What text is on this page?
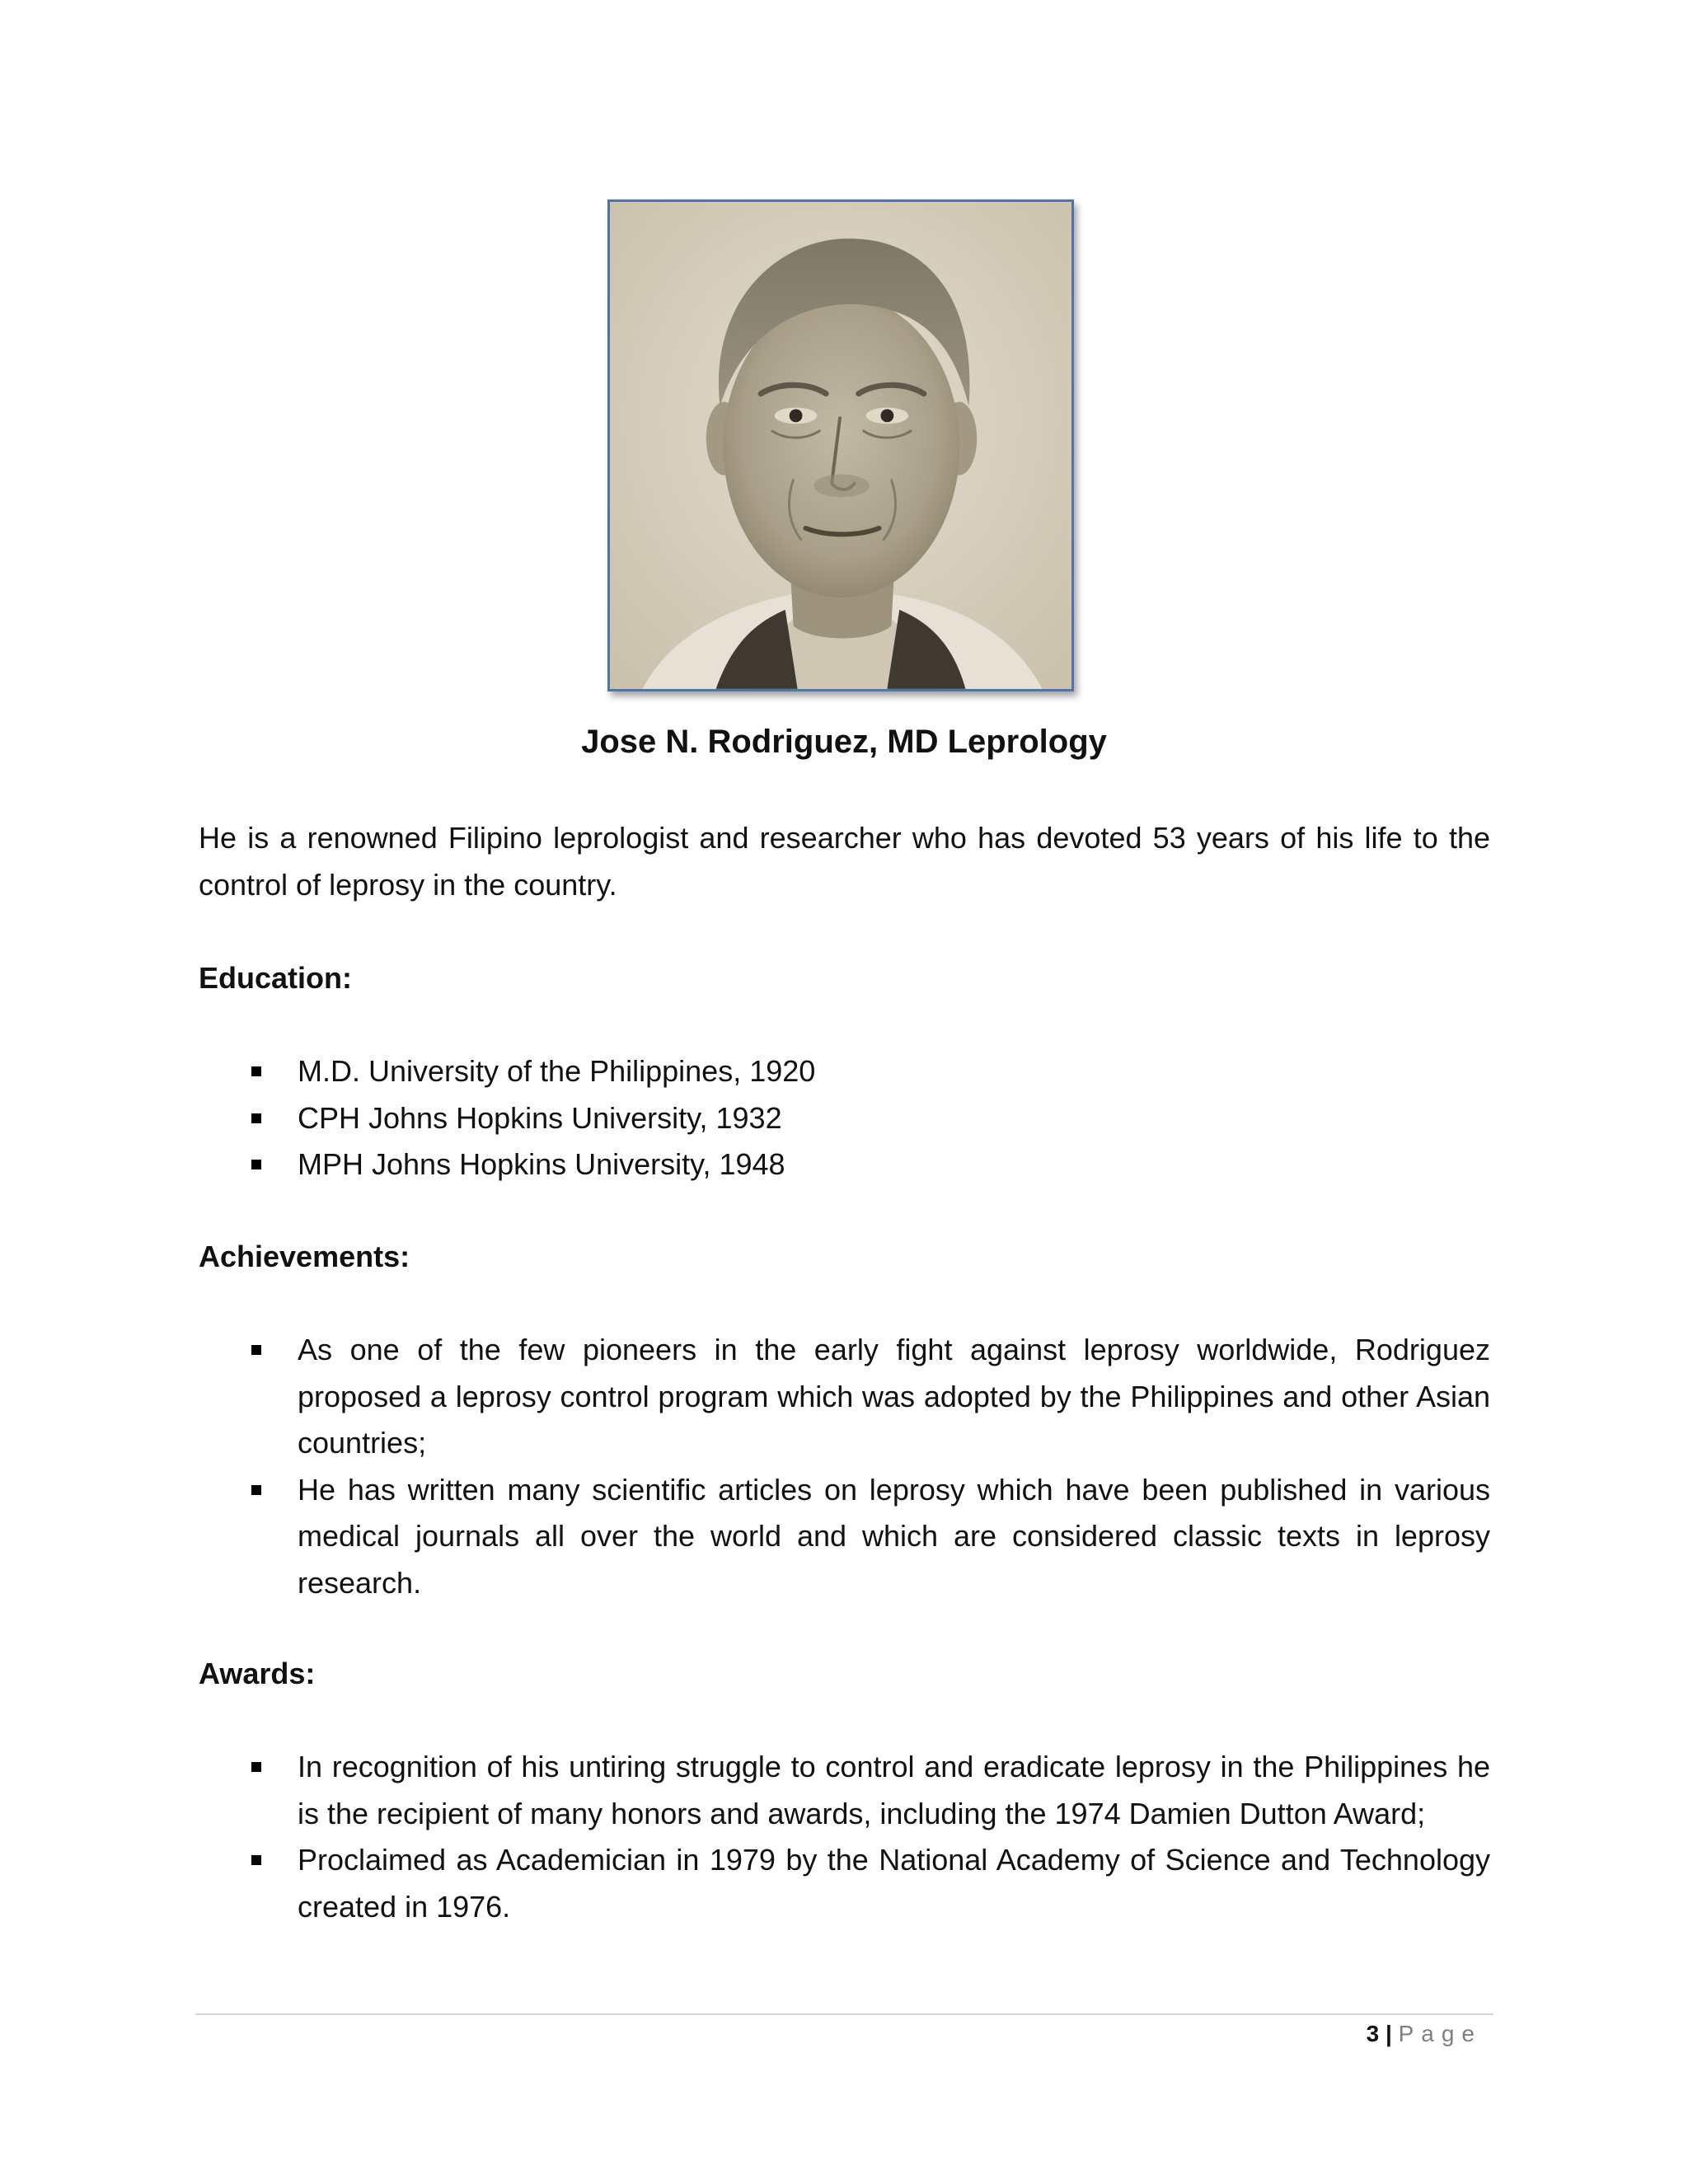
Jose N. Rodriguez, MD Leprology
He is a renowned Filipino leprologist and researcher who has devoted 53 years of his life to the control of leprosy in the country.
Education:
M.D. University of the Philippines, 1920
CPH Johns Hopkins University, 1932
MPH Johns Hopkins University, 1948
Achievements:
As one of the few pioneers in the early fight against leprosy worldwide, Rodriguez proposed a leprosy control program which was adopted by the Philippines and other Asian countries;
He has written many scientific articles on leprosy which have been published in various medical journals all over the world and which are considered classic texts in leprosy research.
Awards:
In recognition of his untiring struggle to control and eradicate leprosy in the Philippines he is the recipient of many honors and awards, including the 1974 Damien Dutton Award;
Proclaimed as Academician in 1979 by the National Academy of Science and Technology created in 1976.
3 | Page
